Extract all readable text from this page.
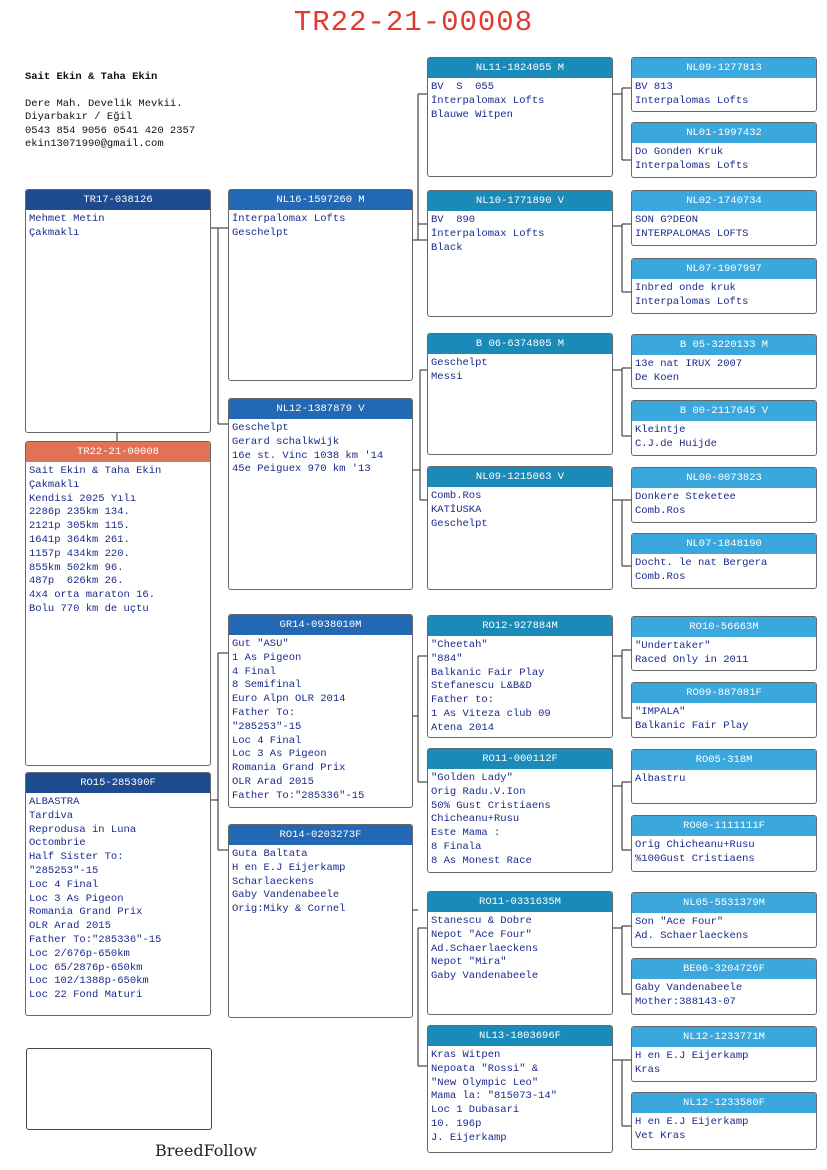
TR22-21-00008

Sait Ekin & Taha Ekin

Dere Mah. Develik Mevkii.
Diyarbakır / Eğil
0543 854 9056 0541 420 2357
ekin13071990@gmail.com

TR17-038126
Mehmet Metin
Çakmaklı
TR22-21-00008
Sait Ekin & Taha Ekin
Çakmaklı
Kendisi 2025 Yılı
2286p 235km 134.
2121p 305km 115.
1641p 364km 261.
1157p 434km 220.
855km 502km 96.
487p  626km 26.
4x4 orta maraton 16.
Bolu 770 km de uçtu
RO15-285390F
ALBASTRA
Tardiva
Reprodusa in Luna
Octombrie
Half Sister To:
"285253"-15
Loc 4 Final
Loc 3 As Pigeon
Romania Grand Prix
OLR Arad 2015
Father To:"285336"-15
Loc 2/676p-650km
Loc 65/2876p-650km
Loc 102/1388p-650km
Loc 22 Fond Maturi
NL16-1597260 M
İnterpalomax Lofts
Geschelpt
NL12-1387879 V
Geschelpt
Gerard schalkwijk
16e st. Vinc 1038 km '14
45e Peiguex 970 km '13
GR14-0938010M
Gut "ASU"
1 As Pigeon
4 Final
8 Semifinal
Euro Alpn OLR 2014
Father To:
"285253"-15
Loc 4 Final
Loc 3 As Pigeon
Romania Grand Prix
OLR Arad 2015
Father To:"285336"-15
RO14-0203273F
Guta Baltata
H en E.J Eijerkamp
Scharlaeckens
Gaby Vandenabeele
Orig:Miky & Cornel
NL11-1824055 M
BV  S  055
İnterpalomax Lofts
Blauwe Witpen
NL10-1771890 V
BV  890
İnterpalomax Lofts
Black
B 06-6374805 M
Geschelpt
Messi
NL09-1215063 V
Comb.Ros
KATİUSKA
Geschelpt
RO12-927884M
"Cheetah"
"884"
Balkanic Fair Play
Stefanescu L&B&D
Father to:
1 As Viteza club 09
Atena 2014
RO11-000112F
"Golden Lady"
Orig Radu.V.Ion
50% Gust Cristiaens
Chicheanu+Rusu
Este Mama :
8 Finala
8 As Monest Race
RO11-0331635M
Stanescu & Dobre
Nepot "Ace Four"
Ad.Schaerlaeckens
Nepot "Mira"
Gaby Vandenabeele
NL13-1803696F
Kras Witpen
Nepoata "Rossi" &
"New Olympic Leo"
Mama la: "815073-14"
Loc 1 Dubasari
10. 196p
J. Eijerkamp
NL09-1277813
BV 813
Interpalomas Lofts
NL01-1997432
Do Gonden Kruk
Interpalomas Lofts
NL02-1740734
SON G?DEON
INTERPALOMAS LOFTS
NL07-1907997
Inbred onde kruk
Interpalomas Lofts
B 05-3220133 M
13e nat IRUX 2007
De Koen
B 00-2117645 V
Kleintje
C.J.de Huijde
NL00-0073823
Donkere Steketee
Comb.Ros
NL07-1848190
Docht. le nat Bergera
Comb.Ros
RO10-56663M
"Undertaker"
Raced Only in 2011
RO09-887081F
"IMPALA"
Balkanic Fair Play
RO05-318M
Albastru
RO00-1111111F
Orig Chicheanu+Rusu
%100Gust Cristiaens
NL05-5531379M
Son "Ace Four"
Ad. Schaerlaeckens
BE06-3204726F
Gaby Vandenabeele
Mother:388143-07
NL12-1233771M
H en E.J Eijerkamp
Kras
NL12-1233580F
H en E.J Eijerkamp
Vet Kras
BreedFollow
